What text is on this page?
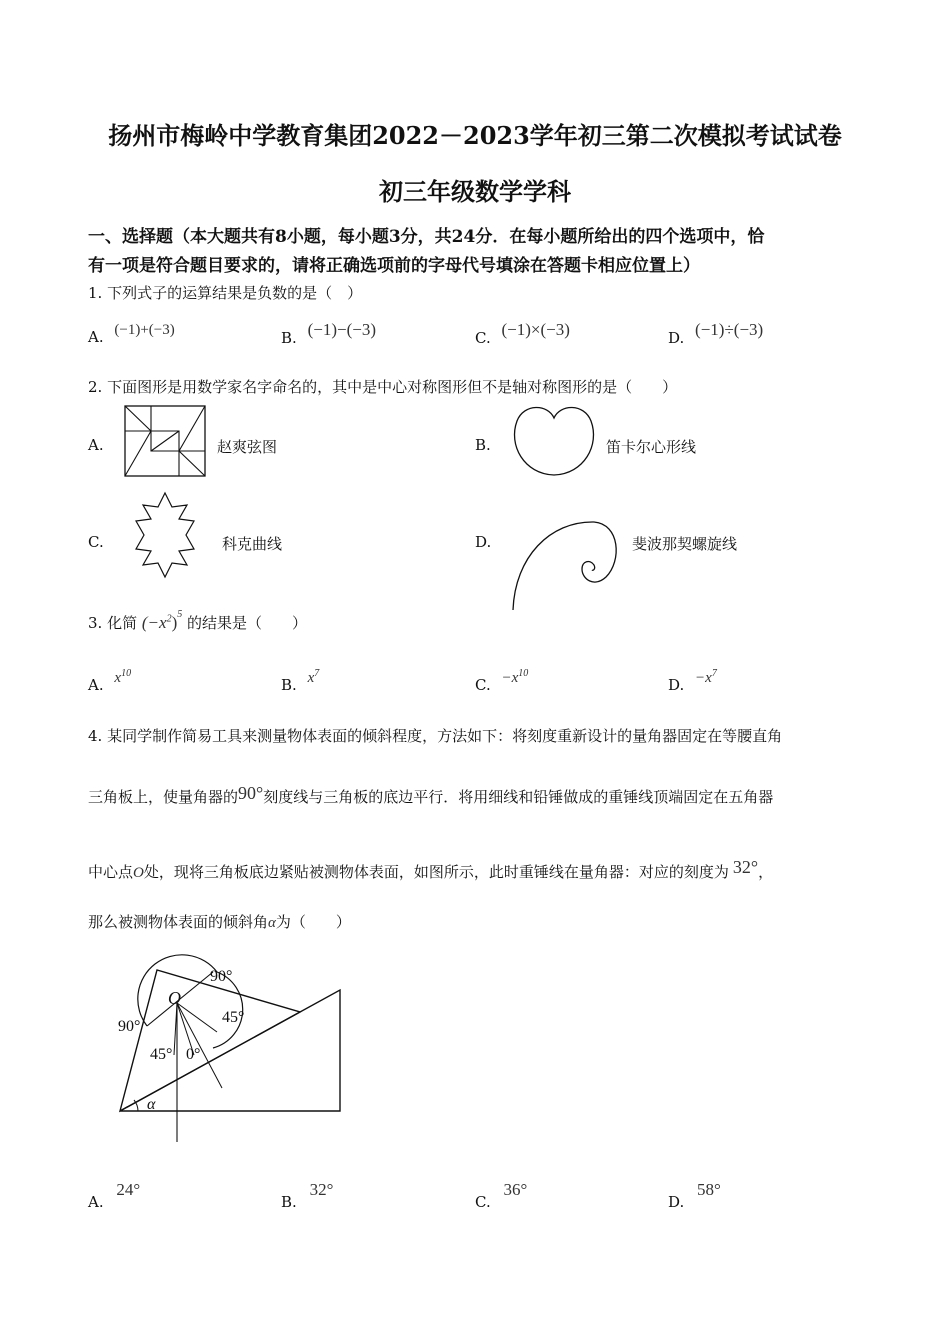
扬州市梅岭中学教育集团2022－2023学年初三第二次模拟考试试卷
初三年级数学学科
一、选择题（本大题共有8小题，每小题3分，共24分．在每小题所给出的四个选项中，恰
有一项是符合题目要求的，请将正确选项前的字母代号填涂在答题卡相应位置上）
1. 下列式子的运算结果是负数的是（　）
A. (−1)+(−3)	B. (−1)−(−3)	C. (−1)×(−3)	D. (−1)÷(−3)
2. 下面图形是用数学家名字命名的，其中是中心对称图形但不是轴对称图形的是（　　）
A.	赵爽弦图	B.	笛卡尔心形线
C.	科克曲线	D.	斐波那契螺旋线
3. 化简 $(-x^2)^5$ 的结果是（　　）
A. $x^{10}$
B. $x^7$
C. $-x^{10}$
D. $-x^7$
4. 某同学制作简易工具来测量物体表面的倾斜程度，方法如下：将刻度重新设计的量角器固定在等腰直角
三角板上，使量角器的90°刻度线与三角板的底边平行．将用细线和铅锤做成的重锤线顶端固定在五角器
中心点O处，现将三角板底边紧贴被测物体表面，如图所示，此时重锤线在量角器：对应的刻度为 32°，
那么被测物体表面的倾斜角α为（　　）
90°
90°
O
45°
45° 0°
α
A. 24°
B. 32°
C. 36°
D. 58°
